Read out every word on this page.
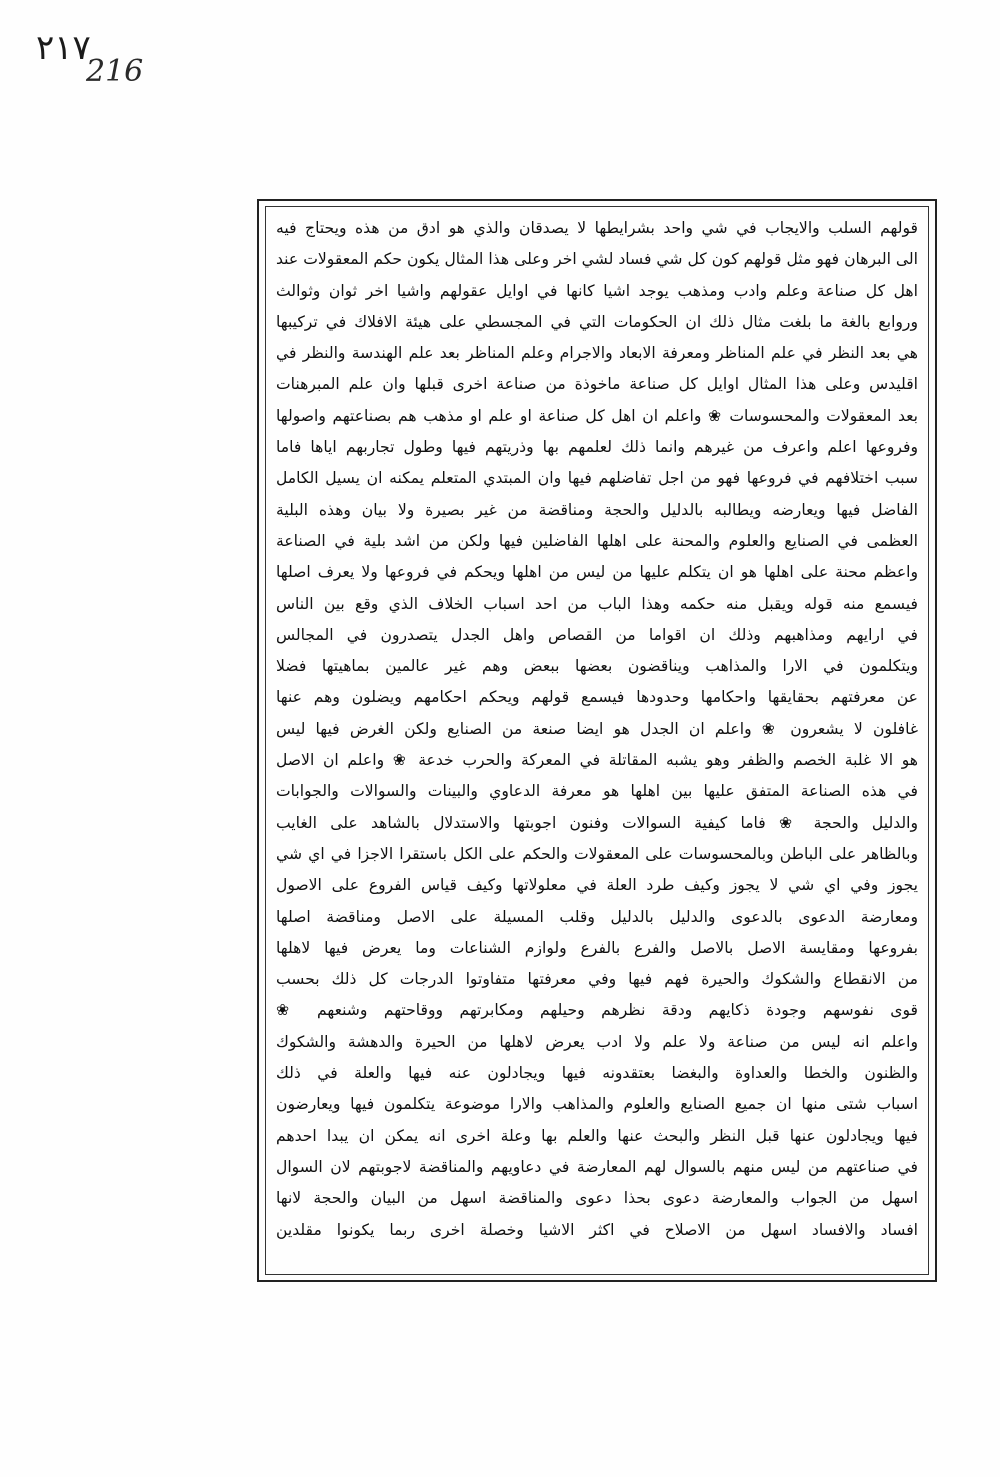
٢١٧
216
قولهم السلب والايجاب في شي واحد بشرايطها لا يصدقان والذي هو ادق من هذه ويحتاج فيه
الى البرهان فهو مثل قولهم كون كل شي فساد لشي اخر وعلى هذا المثال يكون حكم المعقولات عند
اهل كل صناعة وعلم وادب ومذهب يوجد اشيا كانها في اوايل عقولهم واشيا اخر ثوان وثوالث
وروابع بالغة ما بلغت مثال ذلك ان الحكومات التي في المجسطي على هيئة الافلاك في تركيبها
هي بعد النظر في علم المناظر ومعرفة الابعاد والاجرام وعلم المناظر بعد علم الهندسة والنظر في
اقليدس وعلى هذا المثال اوايل كل صناعة ماخوذة من صناعة اخرى قبلها وان علم المبرهنات
بعد المعقولات والمحسوسات ❀ واعلم ان اهل كل صناعة او علم او مذهب هم بصناعتهم واصولها
وفروعها اعلم واعرف من غيرهم وانما ذلك لعلمهم بها وذريتهم فيها وطول تجاربهم اياها فاما
سبب اختلافهم في فروعها فهو من اجل تفاضلهم فيها وان المبتدي المتعلم يمكنه ان يسيل الكامل
الفاضل فيها ويعارضه ويطالبه بالدليل والحجة ومناقضة من غير بصيرة ولا بيان وهذه البلية
العظمى في الصنايع والعلوم والمحنة على اهلها الفاضلين فيها ولكن من اشد بلية في الصناعة
واعظم محنة على اهلها هو ان يتكلم عليها من ليس من اهلها ويحكم في فروعها ولا يعرف اصلها
فيسمع منه قوله ويقبل منه حكمه وهذا الباب من احد اسباب الخلاف الذي وقع بين الناس
في ارايهم ومذاهبهم وذلك ان اقواما من القصاص واهل الجدل يتصدرون في المجالس
ويتكلمون في الارا والمذاهب ويناقضون بعضها ببعض وهم غير عالمين بماهيتها فضلا
عن معرفتهم بحقايقها واحكامها وحدودها فيسمع قولهم ويحكم احكامهم ويضلون وهم عنها
غافلون لا يشعرون ❀ واعلم ان الجدل هو ايضا صنعة من الصنايع ولكن الغرض فيها ليس
هو الا غلبة الخصم والظفر وهو يشبه المقاتلة في المعركة والحرب خدعة ❀ واعلم ان الاصل
في هذه الصناعة المتفق عليها بين اهلها هو معرفة الدعاوي والبينات والسوالات والجوابات
والدليل والحجة ❀ فاما كيفية السوالات وفنون اجوبتها والاستدلال بالشاهد على الغايب
وبالظاهر على الباطن وبالمحسوسات على المعقولات والحكم على الكل باستقرا الاجزا في اي شي
يجوز وفي اي شي لا يجوز وكيف طرد العلة في معلولاتها وكيف قياس الفروع على الاصول
ومعارضة الدعوى بالدعوى والدليل بالدليل وقلب المسيلة على الاصل ومناقضة اصلها
بفروعها ومقايسة الاصل بالاصل والفرع بالفرع ولوازم الشناعات وما يعرض فيها لاهلها
من الانقطاع والشكوك والحيرة فهم فيها وفي معرفتها متفاوتوا الدرجات كل ذلك بحسب
قوى نفوسهم وجودة ذكايهم ودقة نظرهم وحيلهم ومكابرتهم ووقاحتهم وشنعهم ❀
واعلم انه ليس من صناعة ولا علم ولا ادب يعرض لاهلها من الحيرة والدهشة والشكوك
والظنون والخطا والعداوة والبغضا بعتقدونه فيها ويجادلون عنه فيها والعلة في ذلك
اسباب شتى منها ان جميع الصنايع والعلوم والمذاهب والارا موضوعة يتكلمون فيها ويعارضون
فيها ويجادلون عنها قبل النظر والبحث عنها والعلم بها وعلة اخرى انه يمكن ان يبدا احدهم
في صناعتهم من ليس منهم بالسوال لهم المعارضة في دعاويهم والمناقضة لاجوبتهم لان السوال
اسهل من الجواب والمعارضة دعوى بحذا دعوى والمناقضة اسهل من البيان والحجة لانها
افساد والافساد اسهل من الاصلاح في اكثر الاشيا وخصلة اخرى ربما يكونوا مقلدين
